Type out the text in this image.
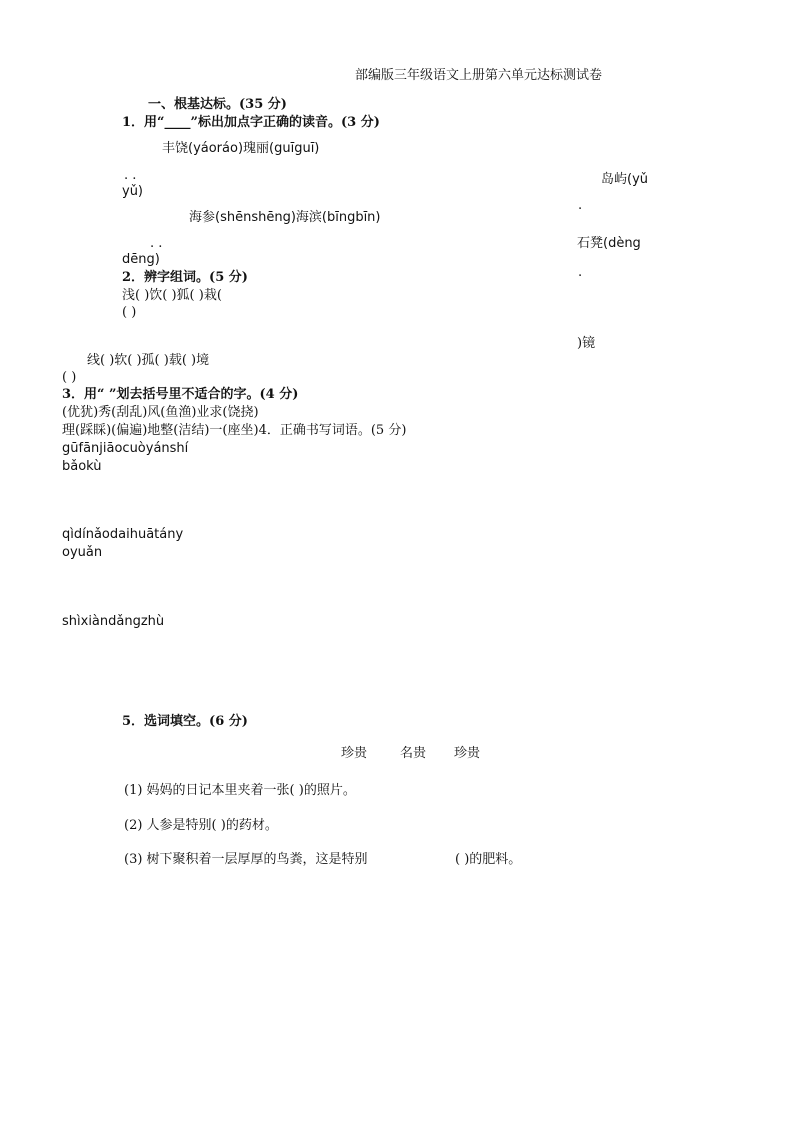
部编版三年级语文上册第六单元达标测试卷
一、根基达标。(35 分)
1．用“____”标出加点字正确的读音。(3 分)
丰饶(yáoráo)瑰丽(guīguī)
. .	岛屿(yǔ
yǔ)
.
海参(shēnshēng)海滨(bīngbīn)
. .	石凳(dèng
dēng)
.
2．辨字组词。(5 分)
浅( )饮( )狐( )栽(
( )
)镜
线( )软( )孤( )载( )境
( )
3．用“ ”划去括号里不适合的字。(4 分)
(优犹)秀(刮乱)风(鱼渔)业求(饶挠)
理(踩睬)(偏遍)地整(洁结)一(座坐)4．正确书写词语。(5 分)
gūfānjiāocuòyánshí
bǎokù
qìdínǎodaihuātány
oyuǎn
shìxiàndǎngzhù
5．选词填空。(6 分)
珍贵	名贵 珍贵
(1) 妈妈的日记本里夹着一张( )的照片。
(2) 人参是特别( )的药材。
(3) 树下聚积着一层厚厚的鸟粪，这是特别	( )的肥料。
